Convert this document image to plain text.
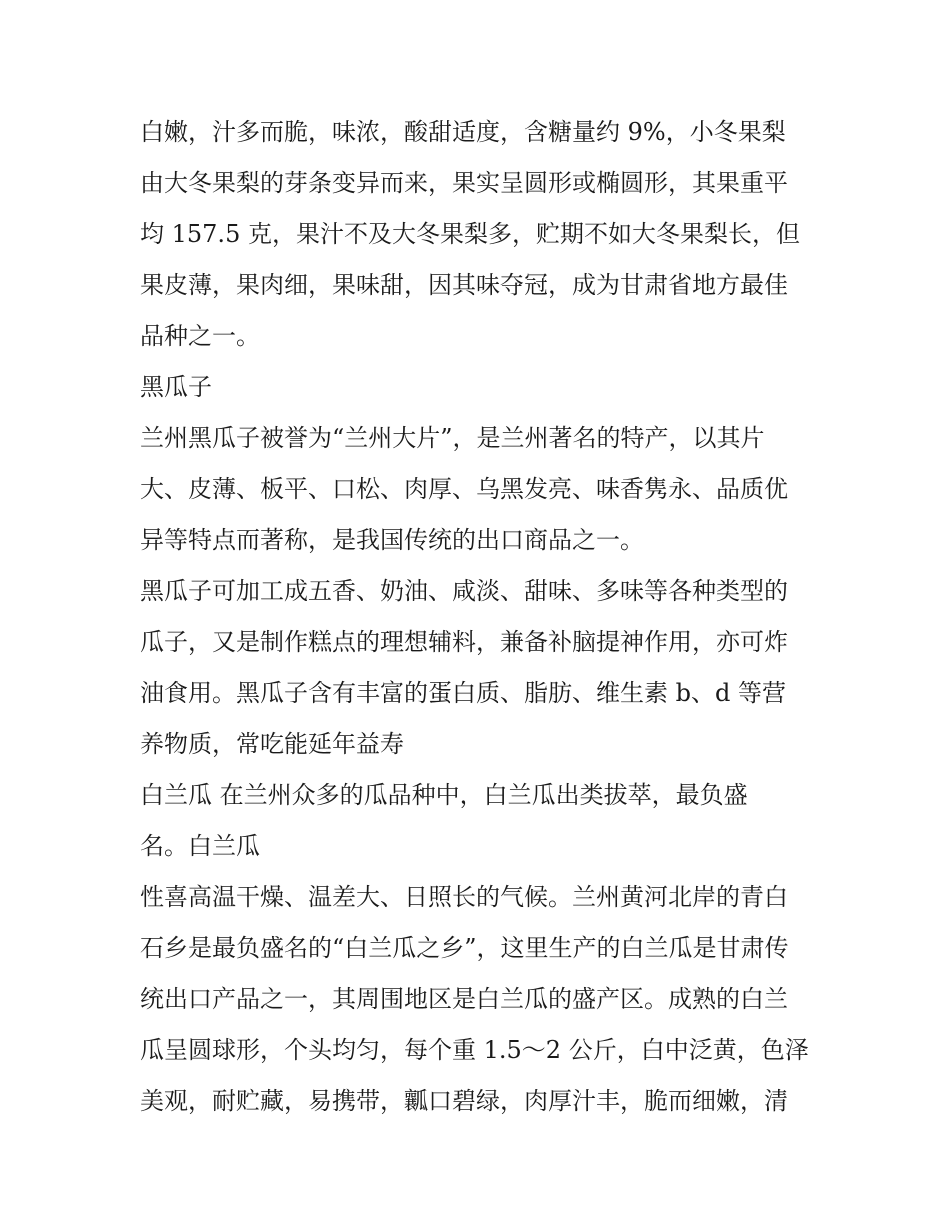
白嫩，汁多而脆，味浓，酸甜适度，含糖量约 9%，小冬果梨
由大冬果梨的芽条变异而来，果实呈圆形或椭圆形，其果重平
均 157.5 克，果汁不及大冬果梨多，贮期不如大冬果梨长，但
果皮薄，果肉细，果味甜，因其味夺冠，成为甘肃省地方最佳
品种之一。
黑瓜子
兰州黑瓜子被誉为“兰州大片”，是兰州著名的特产，以其片
大、皮薄、板平、口松、肉厚、乌黑发亮、味香隽永、品质优
异等特点而著称，是我国传统的出口商品之一。
黑瓜子可加工成五香、奶油、咸淡、甜味、多味等各种类型的
瓜子，又是制作糕点的理想辅料，兼备补脑提神作用，亦可炸
油食用。黑瓜子含有丰富的蛋白质、脂肪、维生素 b、d 等营
养物质，常吃能延年益寿
白兰瓜 在兰州众多的瓜品种中，白兰瓜出类拔萃，最负盛
名。白兰瓜
性喜高温干燥、温差大、日照长的气候。兰州黄河北岸的青白
石乡是最负盛名的“白兰瓜之乡”，这里生产的白兰瓜是甘肃传
统出口产品之一，其周围地区是白兰瓜的盛产区。成熟的白兰
瓜呈圆球形，个头均匀，每个重 1.5～2 公斤，白中泛黄，色泽
美观，耐贮藏，易携带，瓤口碧绿，肉厚汁丰，脆而细嫩，清
